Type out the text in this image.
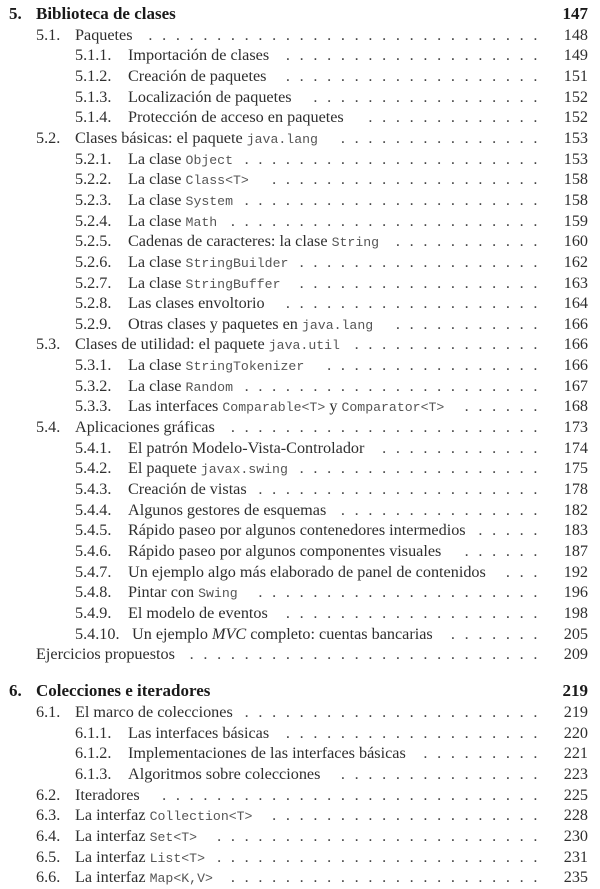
5. Biblioteca de clases	147
5.1. Paquetes	148
. . . . . . . . . . . . . . . . . . . . . . . . . . . . .
5.1.1. Importación de clases	149
. . . . . . . . . . . . . . . . . . .
5.1.2. Creación de paquetes	151
. . . . . . . . . . . . . . . . . . .
5.1.3. Localización de paquetes	152
. . . . . . . . . . . . . . . . .
5.1.4. Protección de acceso en paquetes	152
. . . . . . . . . . . . .
5.2. Clases básicas: el paquete java.lang	153
. . . . . . . . . . . . . . .
5.2.1. La clase Object	153
. . . . . . . . . . . . . . . . . . . . . .
5.2.2. La clase Class<T>	158
. . . . . . . . . . . . . . . . . . . .
5.2.3. La clase System	158
. . . . . . . . . . . . . . . . . . . . . .
5.2.4. La clase Math	159
. . . . . . . . . . . . . . . . . . . . . . .
5.2.5. Cadenas de caracteres: la clase String	160
. . . . . . . . . . .
5.2.6. La clase StringBuilder	162
. . . . . . . . . . . . . . . . . .
5.2.7. La clase StringBuffer	163
. . . . . . . . . . . . . . . . . .
5.2.8. Las clases envoltorio	164
. . . . . . . . . . . . . . . . . . .
5.2.9. Otras clases y paquetes en java.lang	166
. . . . . . . . . . .
5.3. Clases de utilidad: el paquete java.util	166
. . . . . . . . . . . . . .
5.3.1. La clase StringTokenizer	166
. . . . . . . . . . . . . . . .
5.3.2. La clase Random	167
. . . . . . . . . . . . . . . . . . . . . .
5.3.3. Las interfaces Comparable<T> y Comparator<T>	168
. . . . . .
5.4. Aplicaciones gráficas	173
. . . . . . . . . . . . . . . . . . . . . . .
5.4.1. El patrón Modelo-Vista-Controlador	174
. . . . . . . . . . . .
5.4.2. El paquete javax.swing	175
. . . . . . . . . . . . . . . . . .
5.4.3. Creación de vistas	178
. . . . . . . . . . . . . . . . . . . . .
5.4.4. Algunos gestores de esquemas	182
. . . . . . . . . . . . . . .
5.4.5. Rápido paseo por algunos contenedores intermedios	183
. . . . .
5.4.6. Rápido paseo por algunos componentes visuales	187
. . . . . .
5.4.7. Un ejemplo algo más elaborado de panel de contenidos	192
. . .
5.4.8. Pintar con Swing	196
. . . . . . . . . . . . . . . . . . . . .
5.4.9. El modelo de eventos	198
. . . . . . . . . . . . . . . . . . .
5.4.10. Un ejemplo MVC completo: cuentas bancarias	205
. . . . . . .
Ejercicios propuestos	209
. . . . . . . . . . . . . . . . . . . . . . . . . .
6. Colecciones e iteradores	219
6.1. El marco de colecciones	219
. . . . . . . . . . . . . . . . . . . . . .
6.1.1. Las interfaces básicas	220
. . . . . . . . . . . . . . . . . . .
6.1.2. Implementaciones de las interfaces básicas	221
. . . . . . . . .
6.1.3. Algoritmos sobre colecciones	223
. . . . . . . . . . . . . . .
6.2. Iteradores	225
. . . . . . . . . . . . . . . . . . . . . . . . . . . .
6.3. La interfaz Collection<T>	228
. . . . . . . . . . . . . . . . . . . .
6.4. La interfaz Set<T>	230
. . . . . . . . . . . . . . . . . . . . . . . .
6.5. La interfaz List<T>	231
. . . . . . . . . . . . . . . . . . . . . . . .
6.6. La interfaz Map<K,V>	235
. . . . . . . . . . . . . . . . . . . . . . .
